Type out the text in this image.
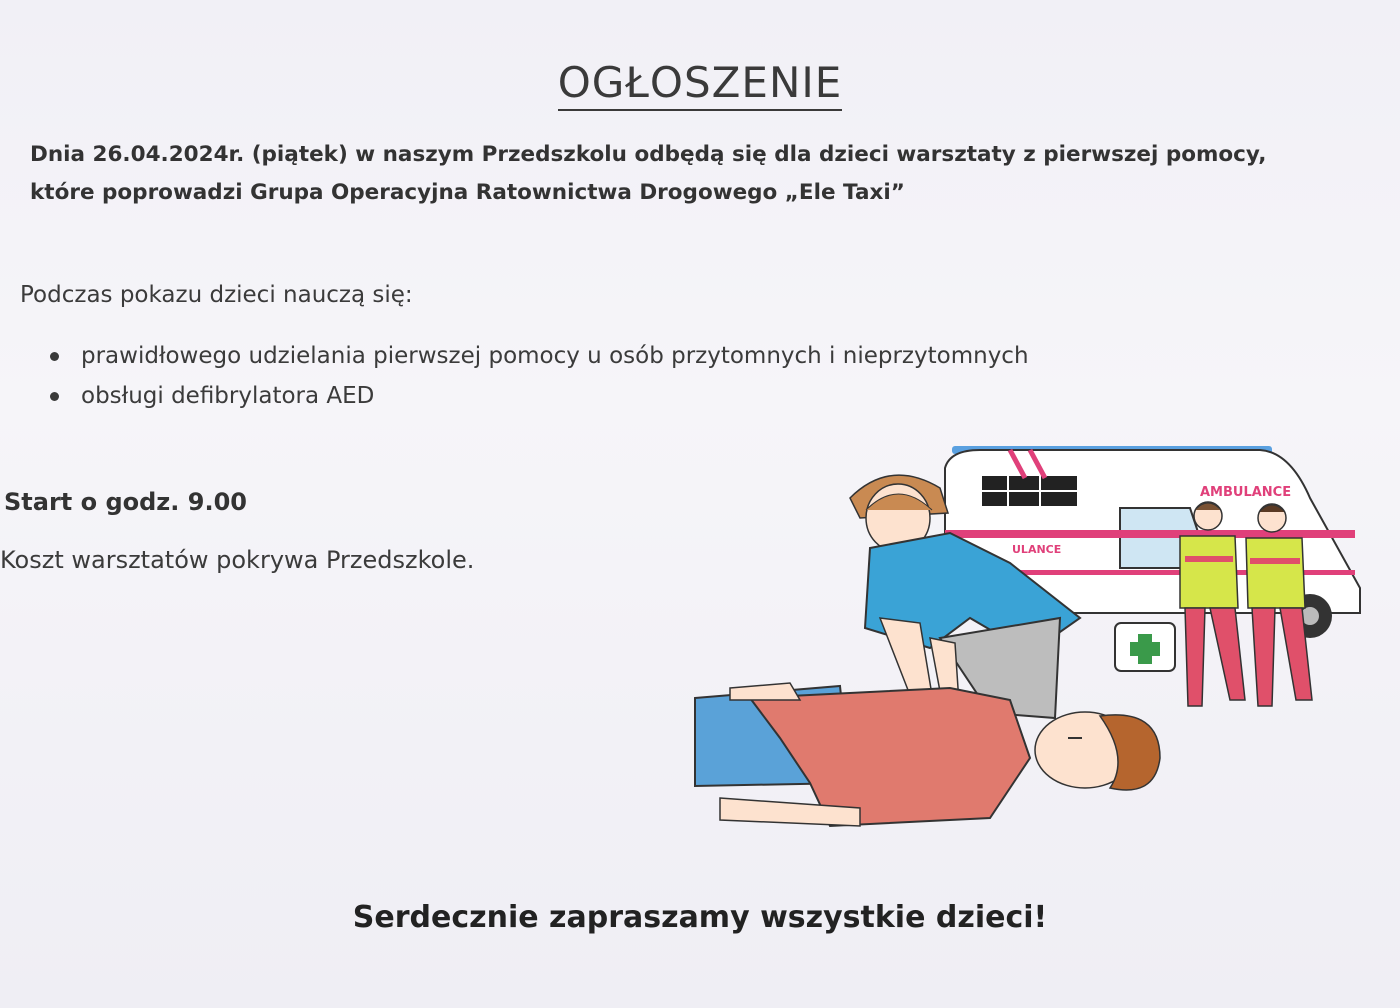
OGŁOSZENIE
Dnia 26.04.2024r. (piątek) w naszym Przedszkolu odbędą się dla dzieci warsztaty z pierwszej pomocy,
które poprowadzi Grupa Operacyjna Ratownictwa Drogowego „Ele Taxi”
Podczas pokazu dzieci nauczą się:
prawidłowego udzielania pierwszej pomocy u osób przytomnych i nieprzytomnych
obsługi defibrylatora AED
Start o godz. 9.00
Koszt warsztatów pokrywa Przedszkole.
AMBULANCE
ULANCE
Serdecznie zapraszamy wszystkie dzieci!
